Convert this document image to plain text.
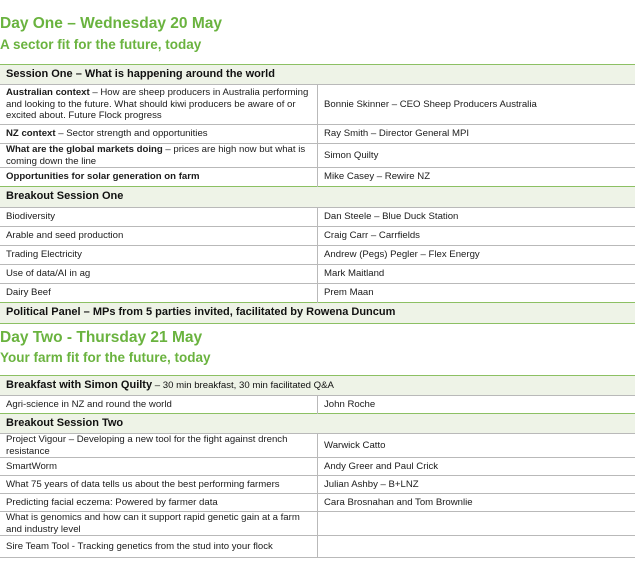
Day One – Wednesday 20 May
A sector fit for the future, today
Session One – What is happening around the world	
Australian context – How are sheep producers in Australia performing and looking to the future. What should kiwi producers be aware of or excited about. Future Flock progress	Bonnie Skinner – CEO Sheep Producers Australia
NZ context – Sector strength and opportunities	Ray Smith – Director General MPI
What are the global markets doing – prices are high now but what is coming down the line	Simon Quilty
Opportunities for solar generation on farm	Mike Casey – Rewire NZ
Breakout Session One	
Biodiversity	Dan Steele – Blue Duck Station
Arable and seed production	Craig Carr – Carrfields
Trading Electricity	Andrew (Pegs) Pegler – Flex Energy
Use of data/AI in ag	Mark Maitland
Dairy Beef	Prem Maan
Political Panel – MPs from 5 parties invited, facilitated by Rowena Duncum	
Day Two - Thursday 21 May
Your farm fit for the future, today
Breakfast with Simon Quilty – 30 min breakfast, 30 min facilitated Q&A	
Agri-science in NZ and round the world	John Roche
Breakout Session Two	
Project Vigour – Developing a new tool for the fight against drench resistance	Warwick Catto
SmartWorm	Andy Greer and Paul Crick
What 75 years of data tells us about the best performing farmers	Julian Ashby – B+LNZ
Predicting facial eczema: Powered by farmer data	Cara Brosnahan and Tom Brownlie
What is genomics and how can it support rapid genetic gain at a farm and industry level	
Sire Team Tool - Tracking genetics from the stud into your flock	
